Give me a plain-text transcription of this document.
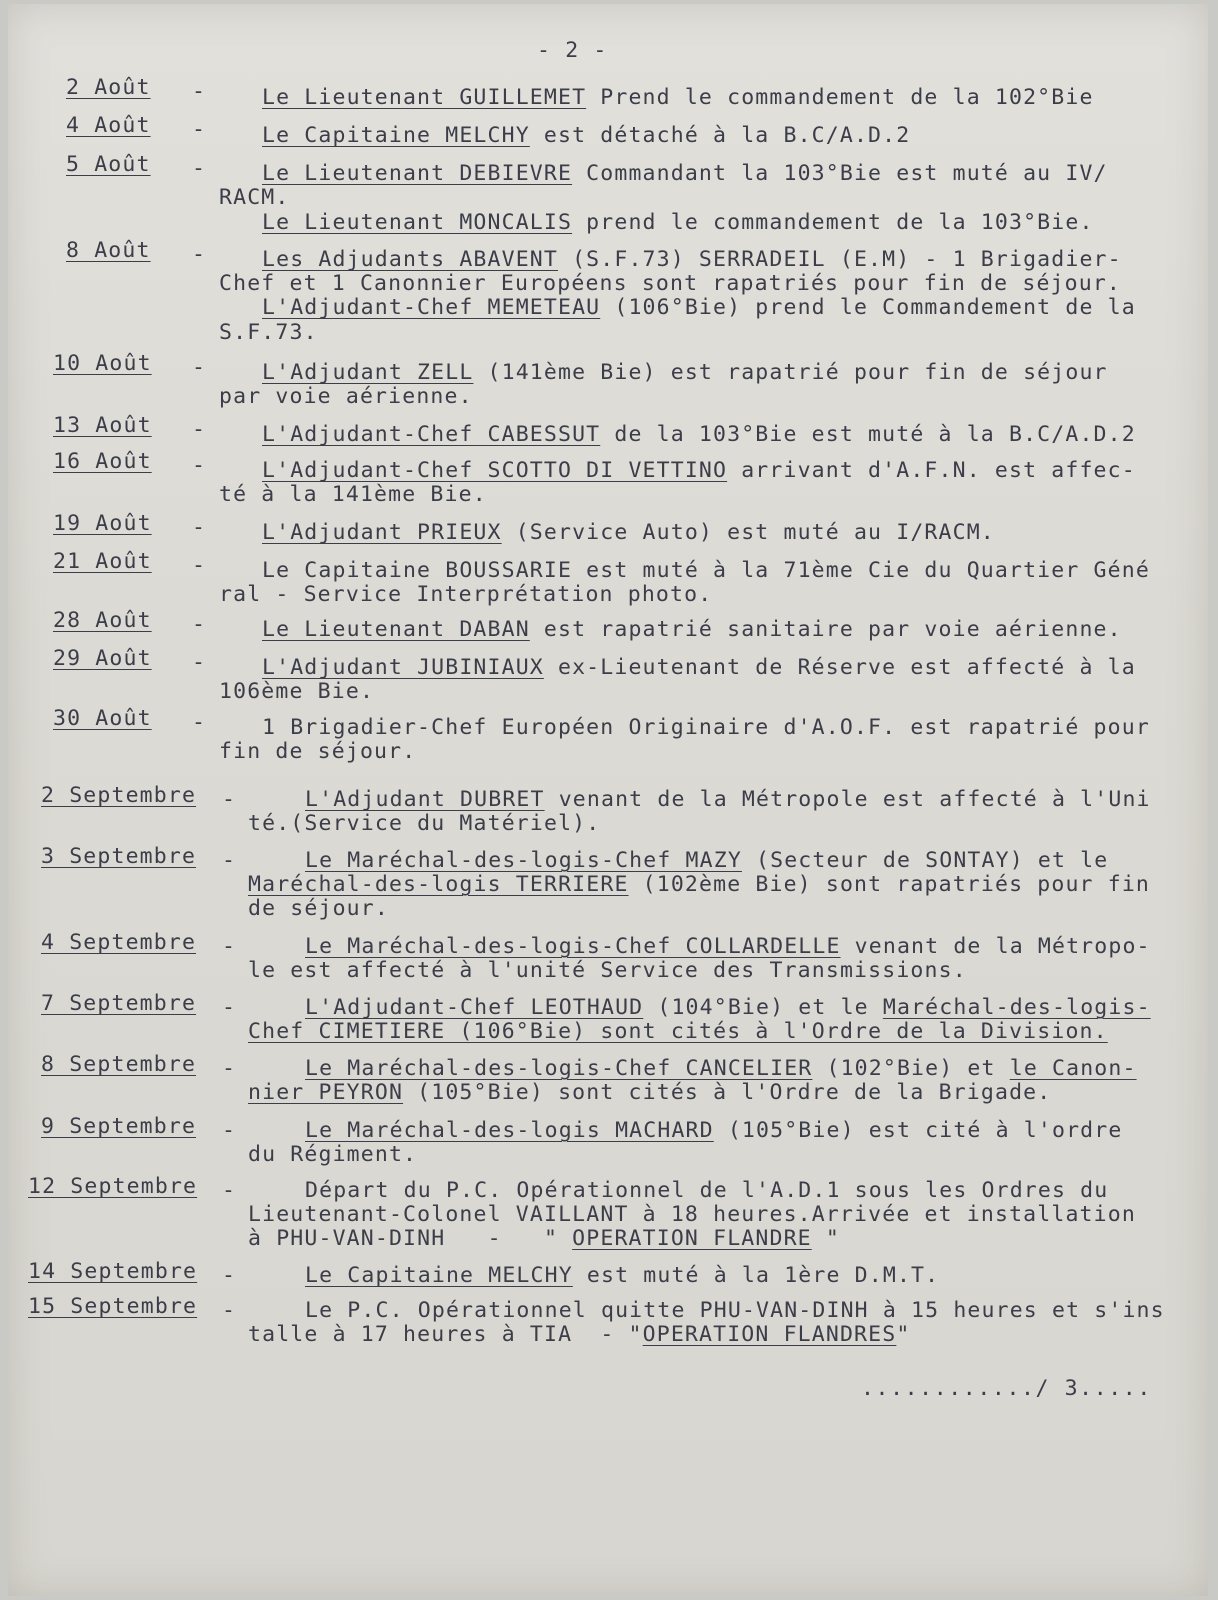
- 2 -
2 Août -	Le Lieutenant GUILLEMET Prend le commandement de la 102°Bie
4 Août -	Le Capitaine MELCHY est détaché à la B.C/A.D.2
5 Août -	Le Lieutenant DEBIEVRE Commandant la 103°Bie est muté au IV/
RACM.
Le Lieutenant MONCALIS prend le commandement de la 103°Bie.
8 Août -	Les Adjudants ABAVENT (S.F.73) SERRADEIL (E.M) - 1 Brigadier-
Chef et 1 Canonnier Européens sont rapatriés pour fin de séjour.
L'Adjudant-Chef MEMETEAU (106°Bie) prend le Commandement de la
S.F.73.
10 Août -	L'Adjudant ZELL (141ème Bie) est rapatrié pour fin de séjour
par voie aérienne.
13 Août -	L'Adjudant-Chef CABESSUT de la 103°Bie est muté à la B.C/A.D.2
16 Août -	L'Adjudant-Chef SCOTTO DI VETTINO arrivant d'A.F.N. est affec-
té à la 141ème Bie.
19 Août -	L'Adjudant PRIEUX (Service Auto) est muté au I/RACM.
21 Août -	Le Capitaine BOUSSARIE est muté à la 71ème Cie du Quartier Géné
ral - Service Interprétation photo.
28 Août -	Le Lieutenant DABAN est rapatrié sanitaire par voie aérienne.
29 Août -	L'Adjudant JUBINIAUX ex-Lieutenant de Réserve est affecté à la
106ème Bie.
30 Août -	1 Brigadier-Chef Européen Originaire d'A.O.F. est rapatrié pour
fin de séjour.
2 Septembre -	L'Adjudant DUBRET venant de la Métropole est affecté à l'Uni
té.(Service du Matériel).
3 Septembre -	Le Maréchal-des-logis-Chef MAZY (Secteur de SONTAY) et le
Maréchal-des-logis TERRIERE (102ème Bie) sont rapatriés pour fin
de séjour.
4 Septembre -	Le Maréchal-des-logis-Chef COLLARDELLE venant de la Métropo-
le est affecté à l'unité Service des Transmissions.
7 Septembre -	L'Adjudant-Chef LEOTHAUD (104°Bie) et le Maréchal-des-logis-
Chef CIMETIERE (106°Bie) sont cités à l'Ordre de la Division.
8 Septembre -	Le Maréchal-des-logis-Chef CANCELIER (102°Bie) et le Canon-
nier PEYRON (105°Bie) sont cités à l'Ordre de la Brigade.
9 Septembre -	Le Maréchal-des-logis MACHARD (105°Bie) est cité à l'ordre
du Régiment.
12 Septembre -	Départ du P.C. Opérationnel de l'A.D.1 sous les Ordres du
Lieutenant-Colonel VAILLANT à 18 heures.Arrivée et installation
à PHU-VAN-DINH   -   " OPERATION FLANDRE "
14 Septembre -	Le Capitaine MELCHY est muté à la 1ère D.M.T.
15 Septembre -	Le P.C. Opérationnel quitte PHU-VAN-DINH à 15 heures et s'ins
talle à 17 heures à TIA  - "OPERATION FLANDRES"
............/ 3.....
